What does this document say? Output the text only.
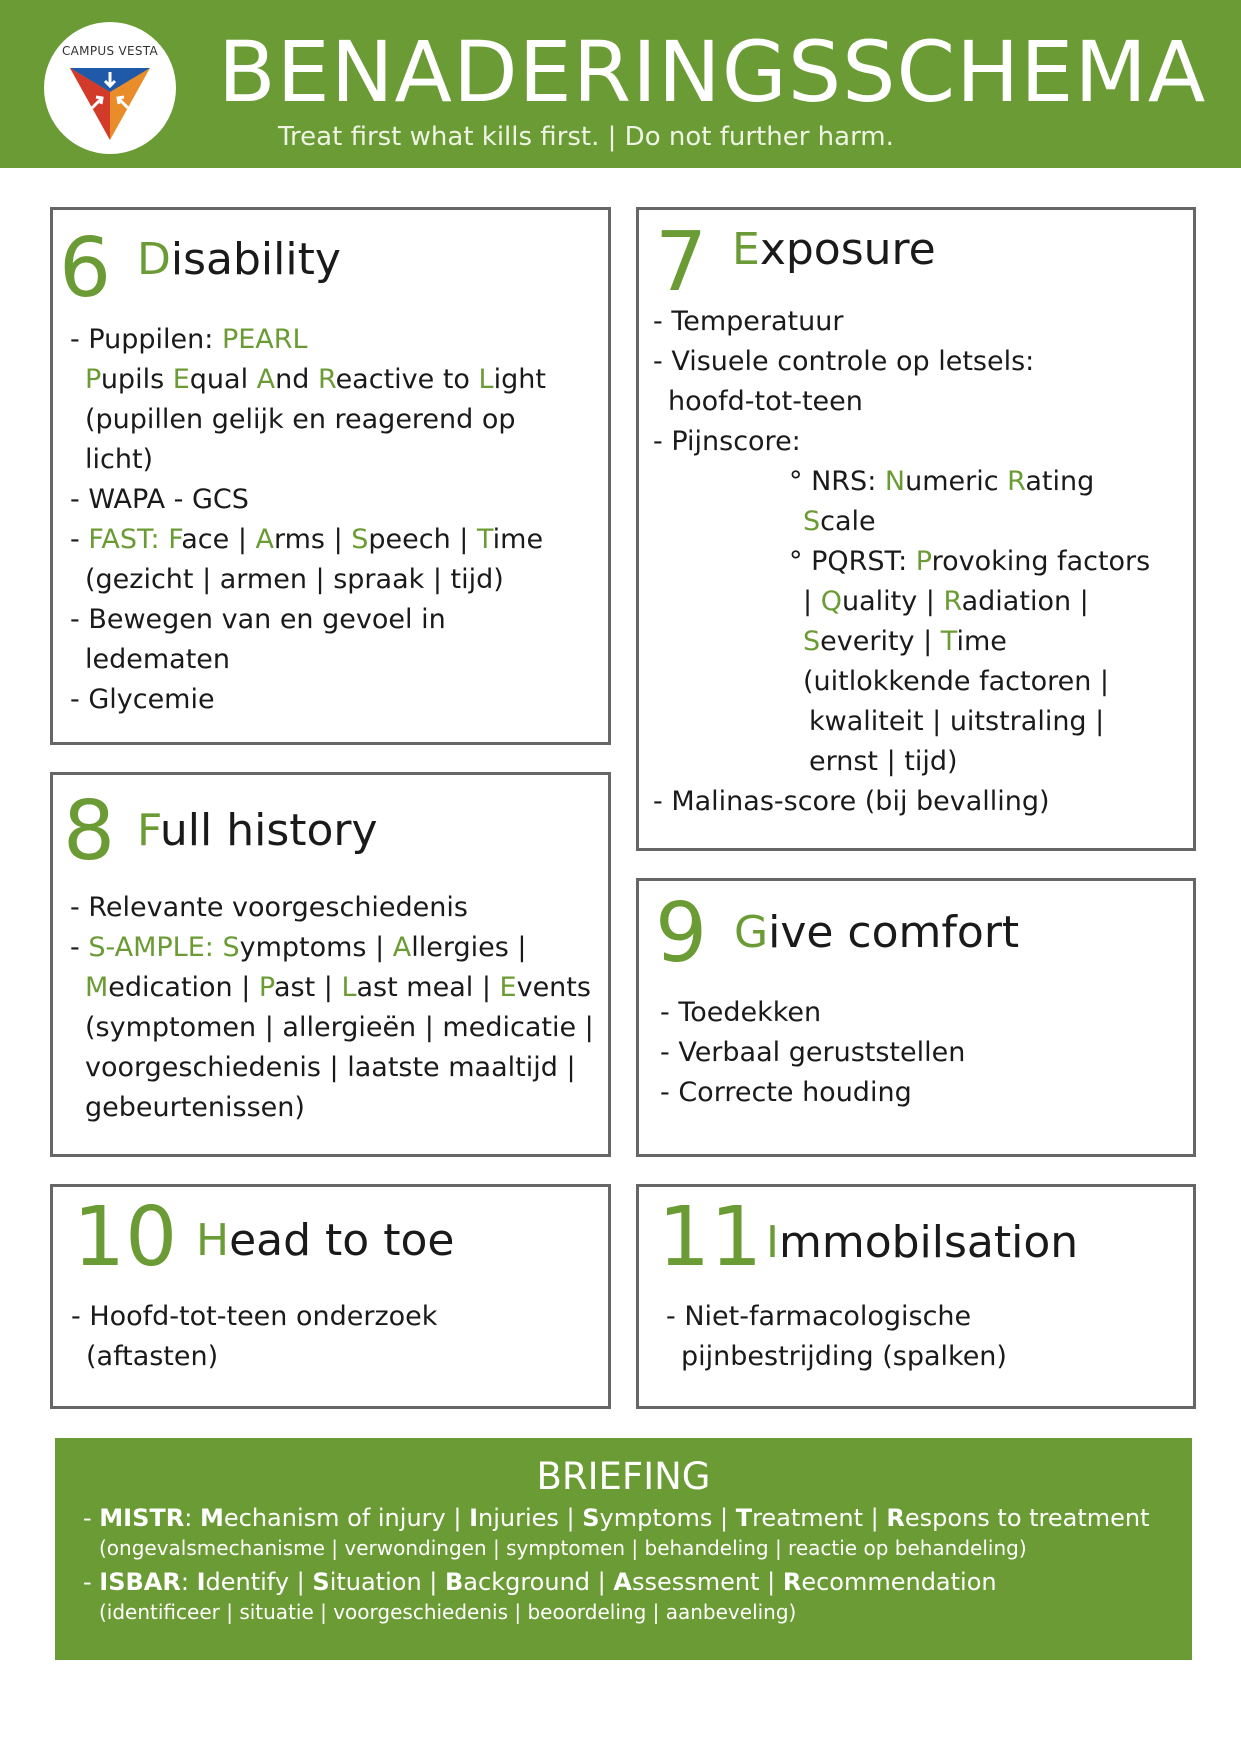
CAMPUS VESTA BENADERINGSSCHEMA
Treat first what kills first. | Do not further harm.
6 Disability

- Puppilen: PEARL

Pupils Equal And Reactive to Light

(pupillen gelijk en reagerend op

licht)

- WAPA - GCS

- FAST: Face | Arms | Speech | Time

(gezicht | armen | spraak | tijd)

- Bewegen van en gevoel in

ledematen

- Glycemie

7 Exposure

- Temperatuur

- Visuele controle op letsels:

hoofd-tot-teen

- Pijnscore:

° NRS: Numeric Rating

Scale

° PQRST: Provoking factors

| Quality | Radiation |

Severity | Time

(uitlokkende factoren |

kwaliteit | uitstraling |

ernst | tijd)

- Malinas-score (bij bevalling)

8 Full history

- Relevante voorgeschiedenis

- S-AMPLE: Symptoms | Allergies |

Medication | Past | Last meal | Events

(symptomen | allergieën | medicatie |

voorgeschiedenis | laatste maaltijd |

gebeurtenissen)

9 Give comfort

- Toedekken

- Verbaal geruststellen

- Correcte houding

10 Head to toe

- Hoofd-tot-teen onderzoek

(aftasten)

11 Immobilsation

- Niet-farmacologische

pijnbestrijding (spalken)

BRIEFING
- MISTR: Mechanism of injury | Injuries | Symptoms | Treatment | Respons to treatment
(ongevalsmechanisme | verwondingen | symptomen | behandeling | reactie op behandeling)
- ISBAR: Identify | Situation | Background | Assessment | Recommendation
(identificeer | situatie | voorgeschiedenis | beoordeling | aanbeveling)
